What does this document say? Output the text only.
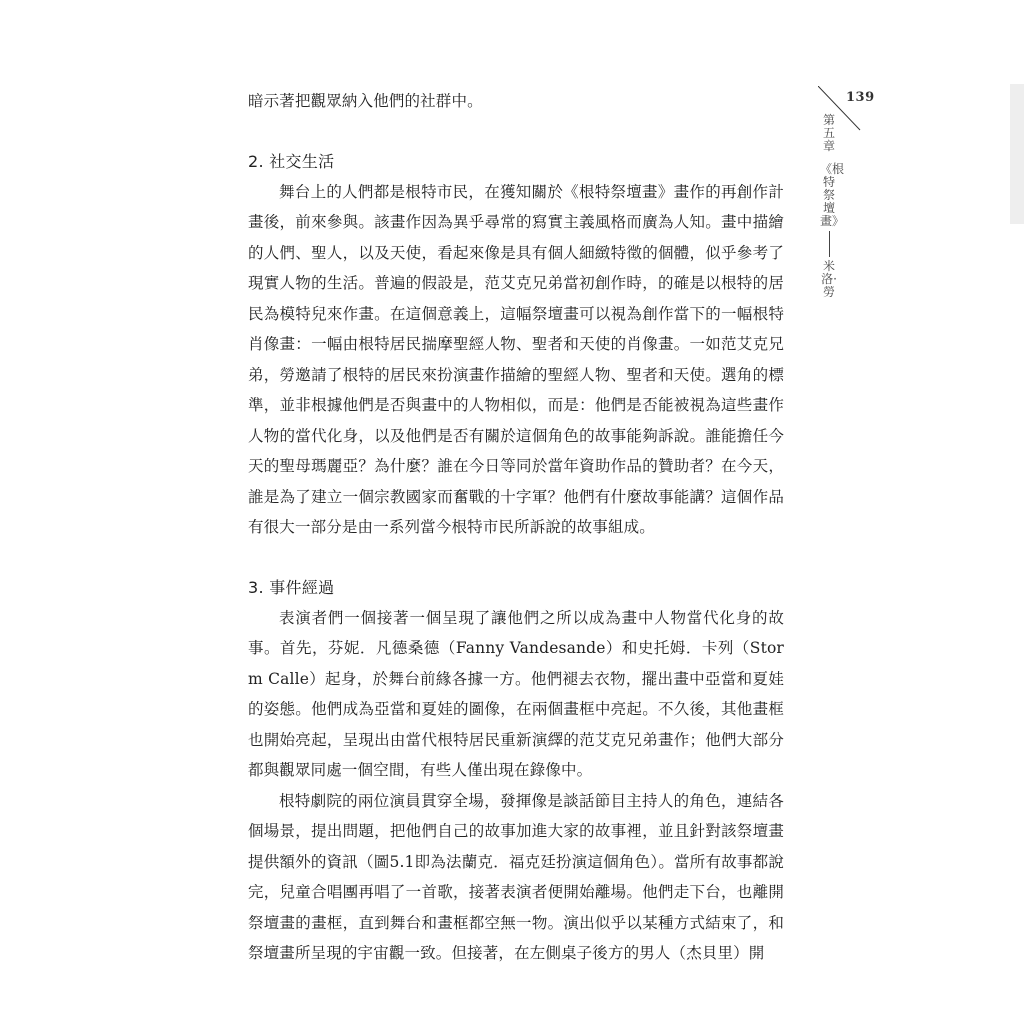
139
第五章
《根特祭壇畫》
米洛·勞

暗示著把觀眾納入他們的社群中。

2. 社交生活

舞台上的人們都是根特市民，在獲知關於《根特祭壇畫》畫作的再創作計畫後，前來參與。該畫作因為異乎尋常的寫實主義風格而廣為人知。畫中描繪的人們、聖人，以及天使，看起來像是具有個人細緻特徵的個體，似乎參考了現實人物的生活。普遍的假設是，范艾克兄弟當初創作時，的確是以根特的居民為模特兒來作畫。在這個意義上，這幅祭壇畫可以視為創作當下的一幅根特肖像畫：一幅由根特居民揣摩聖經人物、聖者和天使的肖像畫。一如范艾克兄弟，勞邀請了根特的居民來扮演畫作描繪的聖經人物、聖者和天使。選角的標準，並非根據他們是否與畫中的人物相似，而是：他們是否能被視為這些畫作人物的當代化身，以及他們是否有關於這個角色的故事能夠訴說。誰能擔任今天的聖母瑪麗亞？為什麼？誰在今日等同於當年資助作品的贊助者？在今天，誰是為了建立一個宗教國家而奮戰的十字軍？他們有什麼故事能講？這個作品有很大一部分是由一系列當今根特市民所訴說的故事組成。

3. 事件經過

表演者們一個接著一個呈現了讓他們之所以成為畫中人物當代化身的故事。首先，芬妮．凡德桑德（Fanny Vandesande）和史托姆．卡列（Storm Calle）起身，於舞台前緣各據一方。他們褪去衣物，擺出畫中亞當和夏娃的姿態。他們成為亞當和夏娃的圖像，在兩個畫框中亮起。不久後，其他畫框也開始亮起，呈現出由當代根特居民重新演繹的范艾克兄弟畫作；他們大部分都與觀眾同處一個空間，有些人僅出現在錄像中。

根特劇院的兩位演員貫穿全場，發揮像是談話節目主持人的角色，連結各個場景，提出問題，把他們自己的故事加進大家的故事裡，並且針對該祭壇畫提供額外的資訊（圖5.1即為法蘭克．福克廷扮演這個角色）。當所有故事都說完，兒童合唱團再唱了一首歌，接著表演者便開始離場。他們走下台，也離開祭壇畫的畫框，直到舞台和畫框都空無一物。演出似乎以某種方式結束了，和祭壇畫所呈現的宇宙觀一致。但接著，在左側桌子後方的男人（杰貝里）開
